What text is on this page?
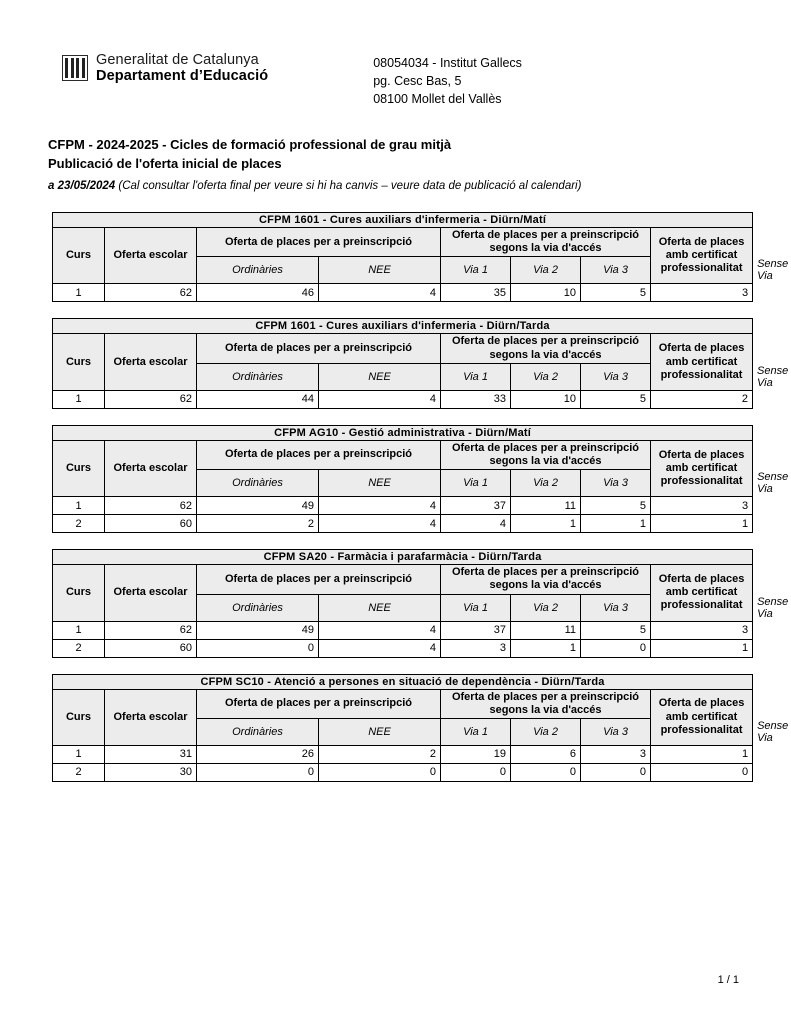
Generalitat de Catalunya
Departament d’Educació
08054034 - Institut Gallecs
pg. Cesc Bas, 5
08100 Mollet del Vallès
CFPM - 2024-2025 - Cicles de formació professional de grau mitjà
Publicació de l'oferta inicial de places
a 23/05/2024 (Cal consultar l'oferta final per veure si hi ha canvis – veure data de publicació al calendari)
CFPM 1601 - Cures auxiliars d'infermeria - Diürn/Matí								
Curs	Oferta escolar	Oferta de places per a preinscripció		Oferta de places per a preinscripció segons la via d'accés			Oferta de places amb certificat professionalitat	
		Ordinàries	NEE	Via 1	Via 2	Via 3		Sense Via
1	62	46	4	35	10	5	3	
CFPM 1601 - Cures auxiliars d'infermeria - Diürn/Tarda								
Curs	Oferta escolar	Oferta de places per a preinscripció		Oferta de places per a preinscripció segons la via d'accés			Oferta de places amb certificat professionalitat	
		Ordinàries	NEE	Via 1	Via 2	Via 3		Sense Via
1	62	44	4	33	10	5	2	
CFPM AG10 - Gestió administrativa - Diürn/Matí								
Curs	Oferta escolar	Oferta de places per a preinscripció		Oferta de places per a preinscripció segons la via d'accés			Oferta de places amb certificat professionalitat	
		Ordinàries	NEE	Via 1	Via 2	Via 3		Sense Via
1	62	49	4	37	11	5	3	
2	60	2	4	4	1	1	1	
CFPM SA20 - Farmàcia i parafarmàcia - Diürn/Tarda								
Curs	Oferta escolar	Oferta de places per a preinscripció		Oferta de places per a preinscripció segons la via d'accés			Oferta de places amb certificat professionalitat	
		Ordinàries	NEE	Via 1	Via 2	Via 3		Sense Via
1	62	49	4	37	11	5	3	
2	60	0	4	3	1	0	1	
CFPM SC10 - Atenció a persones en situació de dependència - Diürn/Tarda								
Curs	Oferta escolar	Oferta de places per a preinscripció		Oferta de places per a preinscripció segons la via d'accés			Oferta de places amb certificat professionalitat	
		Ordinàries	NEE	Via 1	Via 2	Via 3		Sense Via
1	31	26	2	19	6	3	1	
2	30	0	0	0	0	0	0	
1 / 1
